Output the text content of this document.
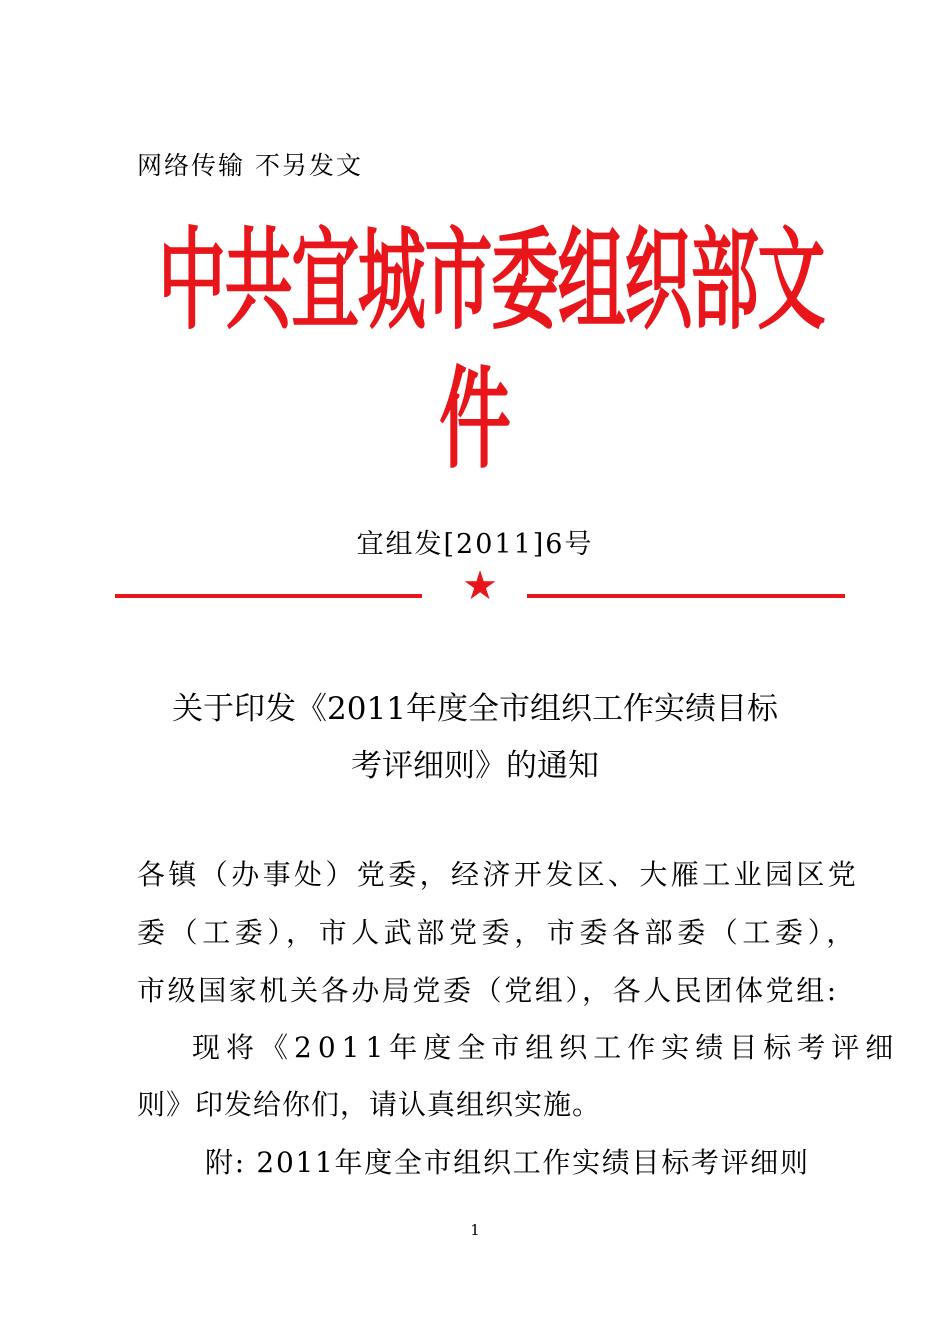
网络传输 不另发文
中共宜城市委组织部文
件
宜组发[2011]6号
★
关于印发《2011年度全市组织工作实绩目标
考评细则》的通知
各镇（办事处）党委，经济开发区、大雁工业园区党
委（工委），市人武部党委，市委各部委（工委），
市级国家机关各办局党委（党组），各人民团体党组:
现将《2011年度全市组织工作实绩目标考评细
则》印发给你们，请认真组织实施。
附: 2011年度全市组织工作实绩目标考评细则
1
